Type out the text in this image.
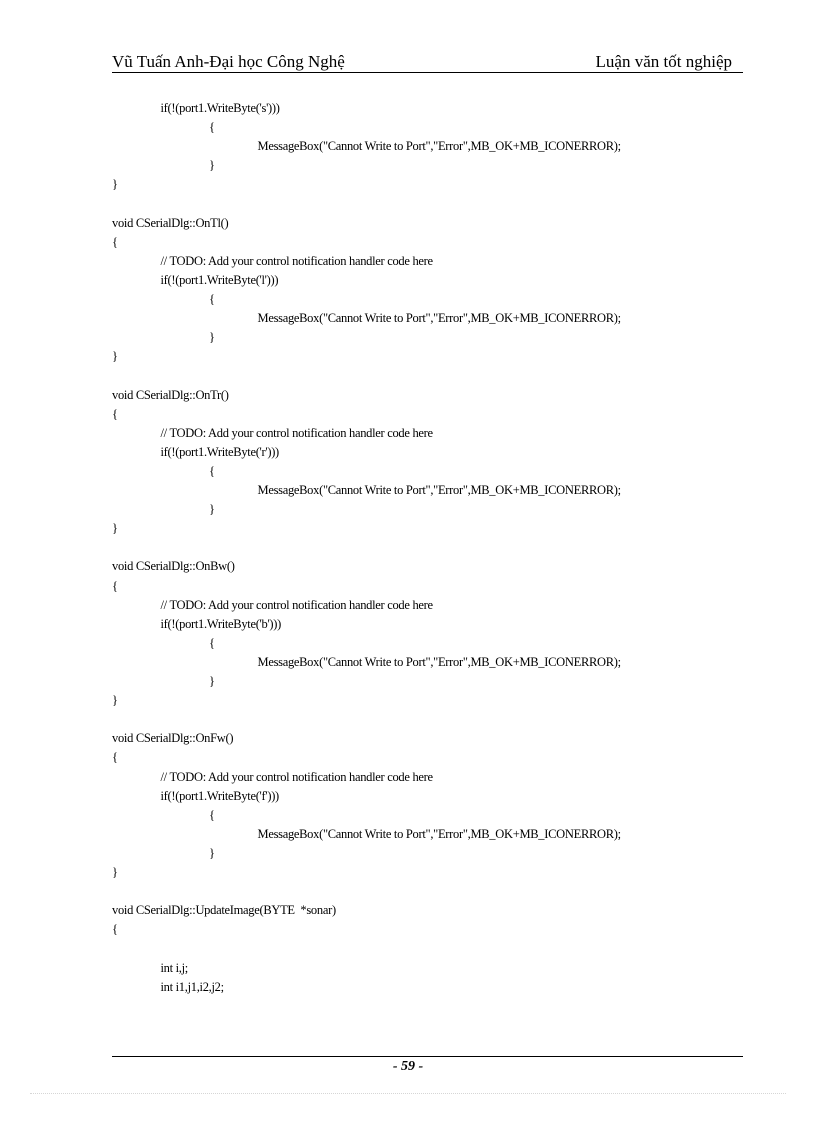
Vũ Tuấn Anh-Đại học Công Nghệ	Luận văn tốt nghiệp
if(!(port1.WriteByte('s')))
{
MessageBox("Cannot Write to Port","Error",MB_OK+MB_ICONERROR);
}
}
void CSerialDlg::OnTl()
{
// TODO: Add your control notification handler code here
if(!(port1.WriteByte('l')))
{
MessageBox("Cannot Write to Port","Error",MB_OK+MB_ICONERROR);
}
}
void CSerialDlg::OnTr()
{
// TODO: Add your control notification handler code here
if(!(port1.WriteByte('r')))
{
MessageBox("Cannot Write to Port","Error",MB_OK+MB_ICONERROR);
}
}
void CSerialDlg::OnBw()
{
// TODO: Add your control notification handler code here
if(!(port1.WriteByte('b')))
{
MessageBox("Cannot Write to Port","Error",MB_OK+MB_ICONERROR);
}
}
void CSerialDlg::OnFw()
{
// TODO: Add your control notification handler code here
if(!(port1.WriteByte('f')))
{
MessageBox("Cannot Write to Port","Error",MB_OK+MB_ICONERROR);
}
}
void CSerialDlg::UpdateImage(BYTE  *sonar)
{
int i,j;
int i1,j1,i2,j2;
- 59 -
